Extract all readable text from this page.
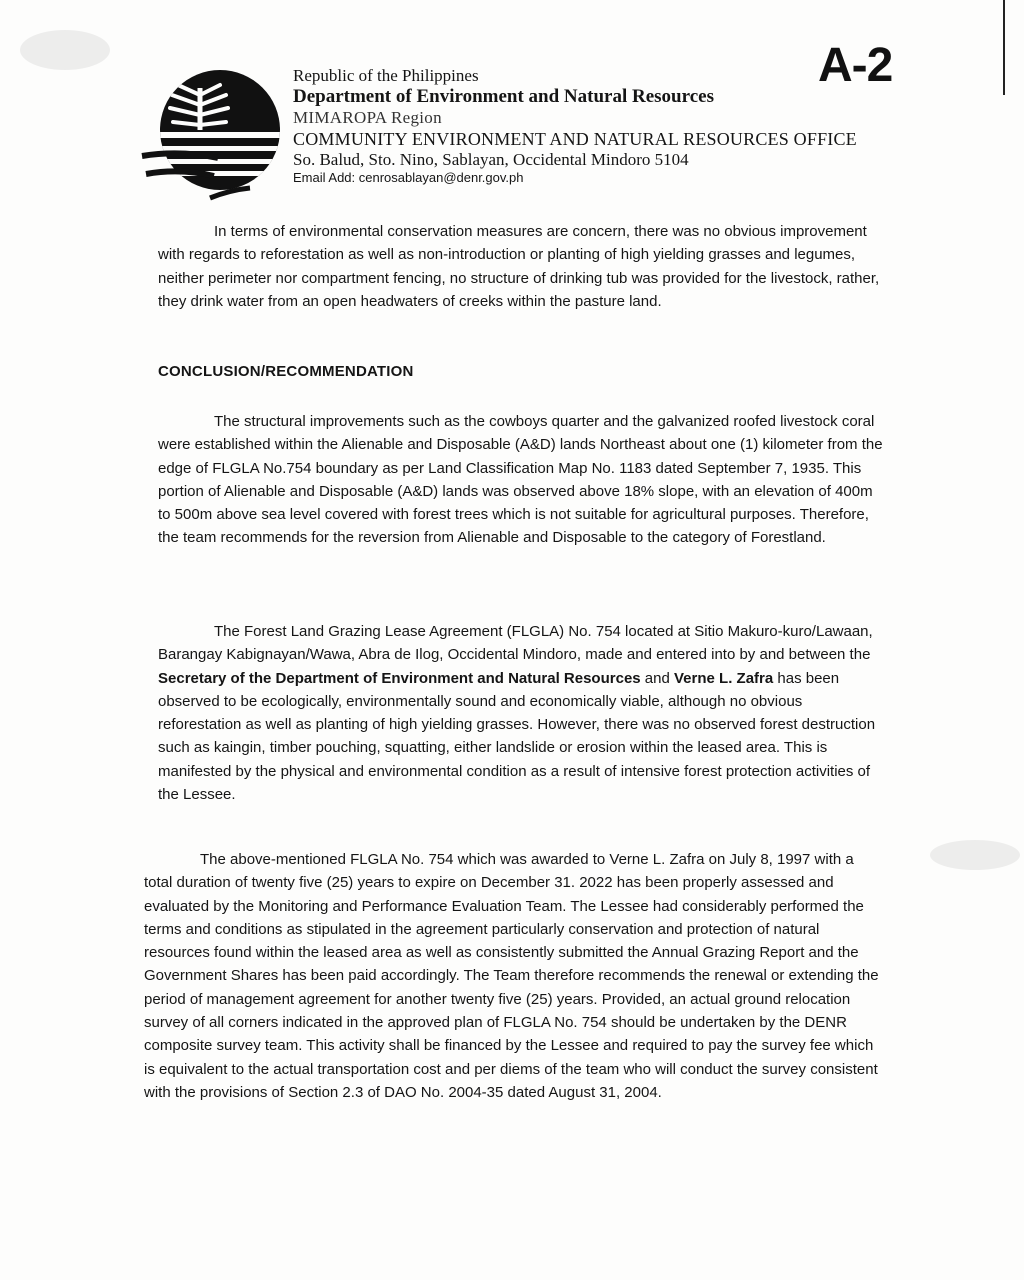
Republic of the Philippines
Department of Environment and Natural Resources
MIMAROPA Region
COMMUNITY ENVIRONMENT AND NATURAL RESOURCES OFFICE
So. Balud, Sto. Nino, Sablayan, Occidental Mindoro 5104
Email Add: cenrosablayan@denr.gov.ph
A-2
In terms of environmental conservation measures are concern, there was no obvious improvement with regards to reforestation as well as non-introduction or planting of high yielding grasses and legumes, neither perimeter nor compartment fencing, no structure of drinking tub was provided for the livestock, rather, they drink water from an open headwaters of creeks within the pasture land.
CONCLUSION/RECOMMENDATION
The structural improvements such as the cowboys quarter and the galvanized roofed livestock coral were established within the Alienable and Disposable (A&D) lands Northeast about one (1) kilometer from the edge of FLGLA No.754 boundary as per Land Classification Map No. 1183 dated September 7, 1935. This portion of Alienable and Disposable (A&D) lands was observed above 18% slope, with an elevation of 400m to 500m above sea level covered with forest trees which is not suitable for agricultural purposes. Therefore, the team recommends for the reversion from Alienable and Disposable to the category of Forestland.
The Forest Land Grazing Lease Agreement (FLGLA) No. 754 located at Sitio Makuro-kuro/Lawaan, Barangay Kabignayan/Wawa, Abra de Ilog, Occidental Mindoro, made and entered into by and between the Secretary of the Department of Environment and Natural Resources and Verne L. Zafra has been observed to be ecologically, environmentally sound and economically viable, although no obvious reforestation as well as planting of high yielding grasses. However, there was no observed forest destruction such as kaingin, timber pouching, squatting, either landslide or erosion within the leased area. This is manifested by the physical and environmental condition as a result of intensive forest protection activities of the Lessee.
The above-mentioned FLGLA No. 754 which was awarded to Verne L. Zafra on July 8, 1997 with a total duration of twenty five (25) years to expire on December 31. 2022 has been properly assessed and evaluated by the Monitoring and Performance Evaluation Team. The Lessee had considerably performed the terms and conditions as stipulated in the agreement particularly conservation and protection of natural resources found within the leased area as well as consistently submitted the Annual Grazing Report and the Government Shares has been paid accordingly. The Team therefore recommends the renewal or extending the period of management agreement for another twenty five (25) years. Provided, an actual ground relocation survey of all corners indicated in the approved plan of FLGLA No. 754 should be undertaken by the DENR composite survey team. This activity shall be financed by the Lessee and required to pay the survey fee which is equivalent to the actual transportation cost and per diems of the team who will conduct the survey consistent with the provisions of Section 2.3 of DAO No. 2004-35 dated August 31, 2004.
